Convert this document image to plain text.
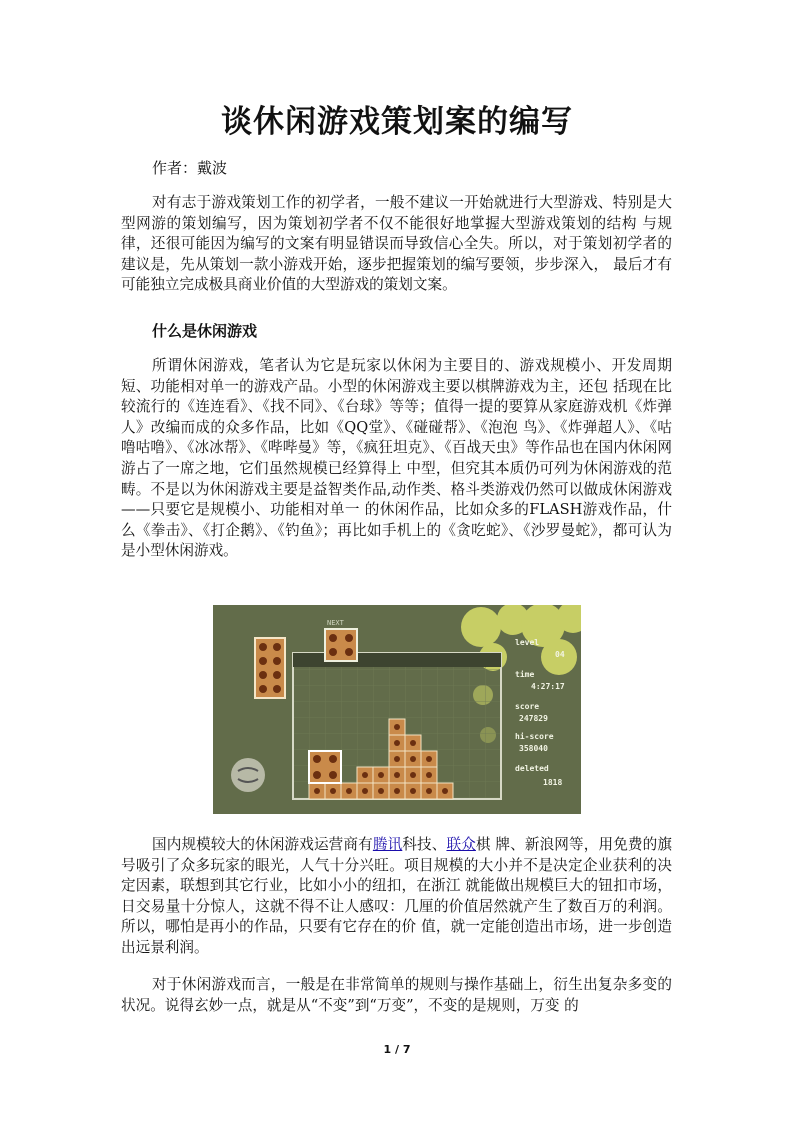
谈休闲游戏策划案的编写
作者：戴波

对有志于游戏策划工作的初学者，一般不建议一开始就进行大型游戏、特别是大型网游的策划编写，因为策划初学者不仅不能很好地掌握大型游戏策划的结构 与规律，还很可能因为编写的文案有明显错误而导致信心全失。所以，对于策划初学者的建议是，先从策划一款小游戏开始，逐步把握策划的编写要领，步步深入， 最后才有可能独立完成极具商业价值的大型游戏的策划文案。

什么是休闲游戏

所谓休闲游戏，笔者认为它是玩家以休闲为主要目的、游戏规模小、开发周期短、功能相对单一的游戏产品。小型的休闲游戏主要以棋牌游戏为主，还包 括现在比较流行的《连连看》、《找不同》、《台球》等等；值得一提的要算从家庭游戏机《炸弹人》改编而成的众多作品，比如《QQ堂》、《碰碰帮》、《泡泡 鸟》、《炸弹超人》、《咕噜咕噜》、《冰冰帮》、《哔哔曼》等，《疯狂坦克》、《百战天虫》等作品也在国内休闲网游占了一席之地，它们虽然规模已经算得上 中型，但究其本质仍可列为休闲游戏的范畴。不是以为休闲游戏主要是益智类作品,动作类、格斗类游戏仍然可以做成休闲游戏——只要它是规模小、功能相对单一 的休闲作品，比如众多的FLASH游戏作品，什么《拳击》、《打企鹅》、《钓鱼》；再比如手机上的《贪吃蛇》、《沙罗曼蛇》，都可认为是小型休闲游戏。

NEXT
level
04
time
4:27:17
score
247829
hi-score
358040
deleted
1818

国内规模较大的休闲游戏运营商有腾讯科技、联众棋 牌、新浪网等，用免费的旗号吸引了众多玩家的眼光，人气十分兴旺。项目规模的大小并不是决定企业获利的决定因素，联想到其它行业，比如小小的纽扣，在浙江 就能做出规模巨大的钮扣市场，日交易量十分惊人，这就不得不让人感叹：几厘的价值居然就产生了数百万的利润。所以，哪怕是再小的作品，只要有它存在的价 值，就一定能创造出市场，进一步创造出远景利润。

对于休闲游戏而言，一般是在非常简单的规则与操作基础上，衍生出复杂多变的状况。说得玄妙一点，就是从“不变”到“万变”，不变的是规则，万变 的

1 / 7
